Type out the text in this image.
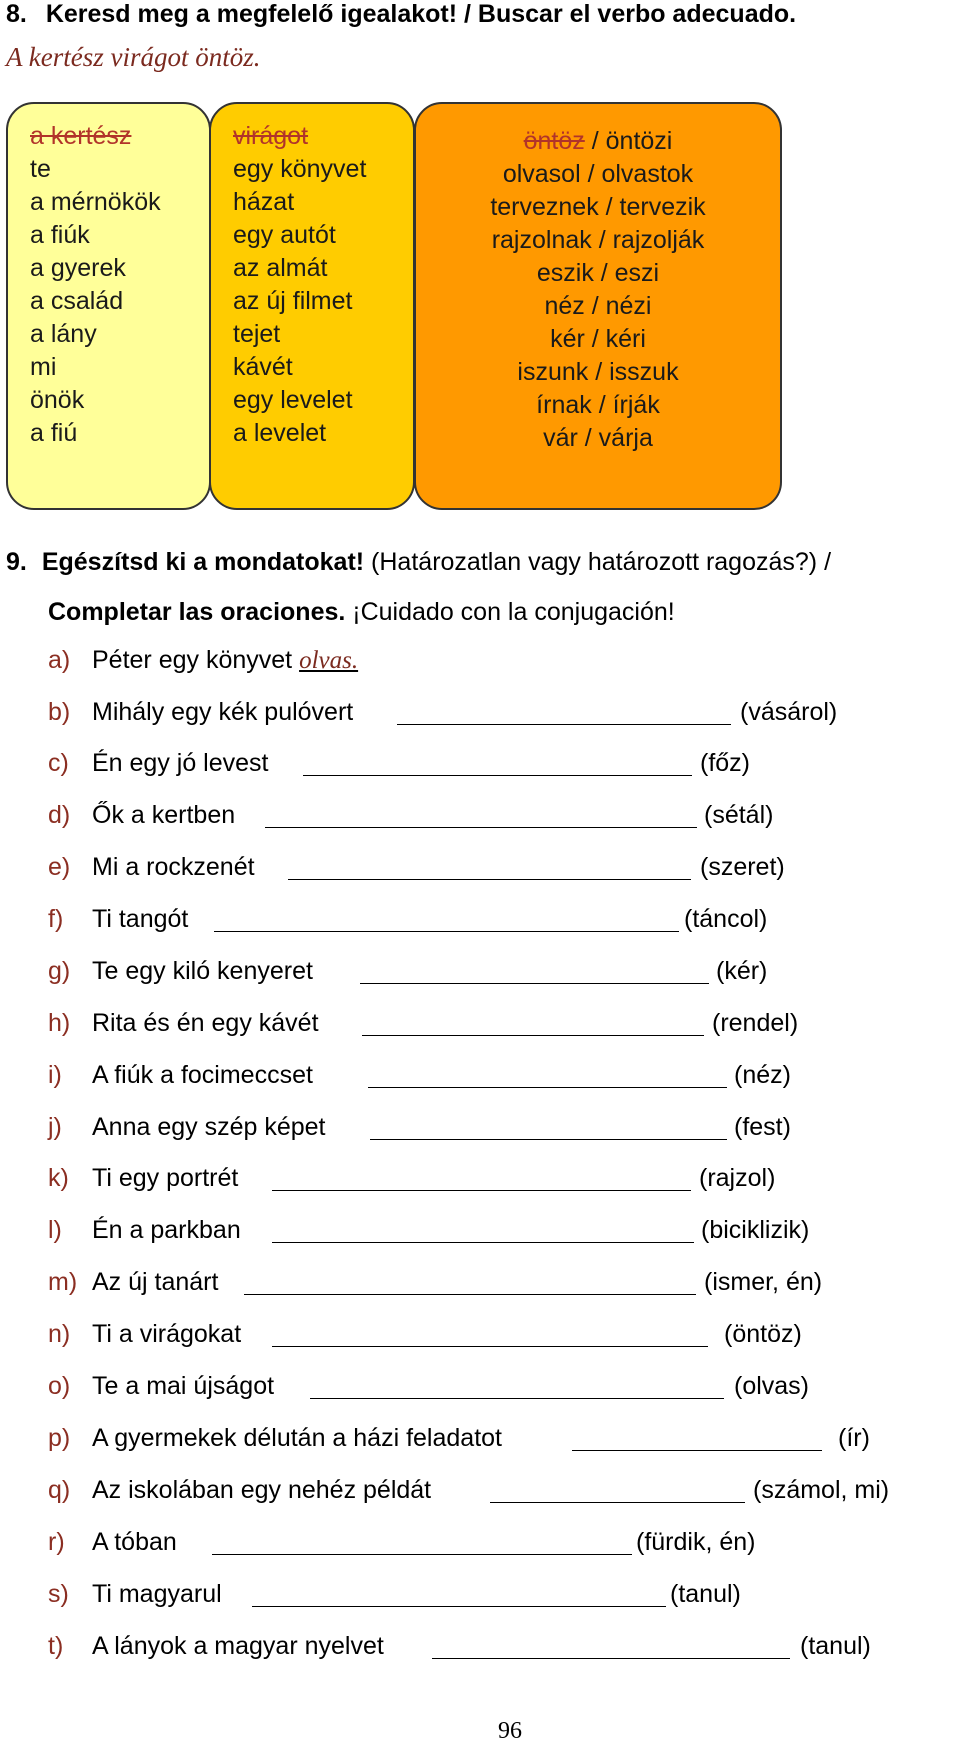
8. Keresd meg a megfelelő igealakot! / Buscar el verbo adecuado.
A kertész virágot öntöz.
a kertész
te
a mérnökök
a fiúk
a gyerek
a család
a lány
mi
önök
a fiú
virágot
egy könyvet
házat
egy autót
az almát
az új filmet
tejet
kávét
egy levelet
a levelet
öntöz / öntözi
olvasol / olvastok
terveznek / tervezik
rajzolnak / rajzolják
eszik / eszi
néz / nézi
kér / kéri
iszunk / isszuk
írnak / írják
vár / várja
9. Egészítsd ki a mondatokat! (Határozatlan vagy határozott ragozás?) /
Completar las oraciones. ¡Cuidado con la conjugación!
a) Péter egy könyvet olvas.
b) Mihály egy kék pulóvert	(vásárol)
c) Én egy jó levest	(főz)
d) Ők a kertben	(sétál)
e) Mi a rockzenét	(szeret)
f) Ti tangót	(táncol)
g) Te egy kiló kenyeret	(kér)
h) Rita és én egy kávét	(rendel)
i) A fiúk a focimeccset	(néz)
j) Anna egy szép képet	(fest)
k) Ti egy portrét	(rajzol)
l) Én a parkban	(biciklizik)
m) Az új tanárt	(ismer, én)
n) Ti a virágokat	(öntöz)
o) Te a mai újságot	(olvas)
p) A gyermekek délután a házi feladatot	(ír)
q) Az iskolában egy nehéz példát	(számol, mi)
r) A tóban	(fürdik, én)
s) Ti magyarul	(tanul)
t) A lányok a magyar nyelvet	(tanul)
96
